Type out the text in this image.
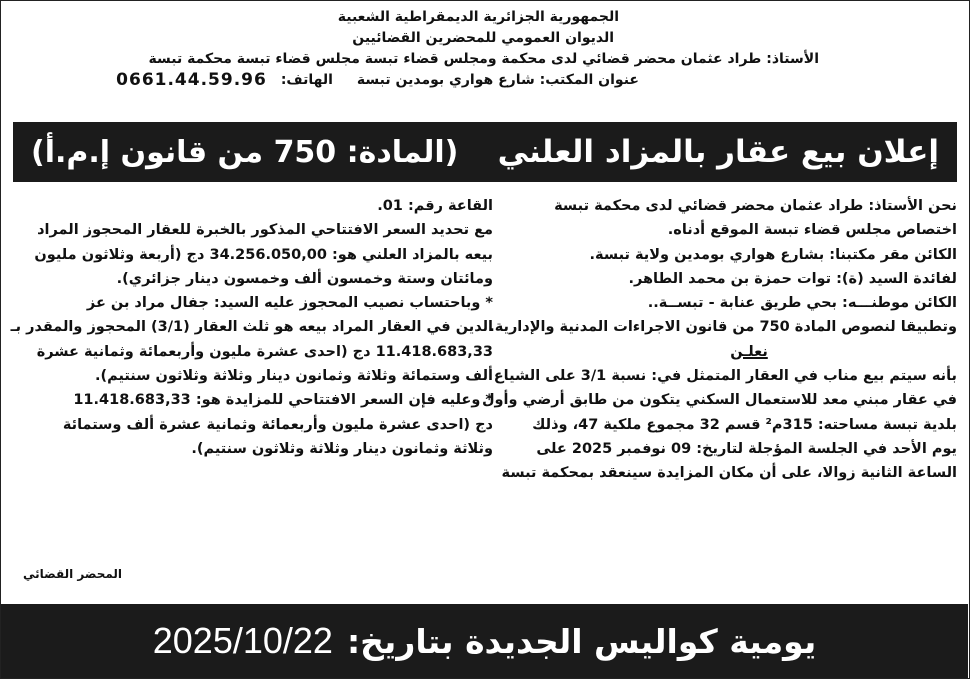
الجمهورية الجزائرية الديمقراطية الشعبية
الديوان العمومي للمحضرين القضائيين
الأستاذ: طراد عثمان محضر قضائي لدى محكمة ومجلس قضاء تبسة مجلس قضاء تبسة محكمة تبسة
عنوان المكتب: شارع هواري بومدين تبسة
الهاتف:
0661.44.59.96
إعلان بيع عقار بالمزاد العلني
(المادة: 750 من قانون إ.م.أ)
نحن الأستاذ: طراد عثمان محضر قضائي لدى محكمة تبسة
اختصاص مجلس قضاء تبسة الموقع أدناه.
الكائن مقر مكتبنا: بشارع هواري بومدين ولاية تبسة.
لفائدة السيد (ة): توات حمزة بن محمد الطاهر.
الكائن موطنـــه: بحي طريق عنابة - تبســة..
وتطبيقا لنصوص المادة 750 من قانون الاجراءات المدنية والإدارية.
نعلـن
بأنه سيتم بيع مناب في العقار المتمثل في: نسبة 3/1 على الشياع
في عقار مبني معد للاستعمال السكني يتكون من طابق أرضي وأول
بلدية تبسة مساحته: 315م² قسم 32 مجموع ملكية 47، وذلك
يوم الأحد في الجلسة المؤجلة لتاريخ: 09 نوفمبر 2025 على
الساعة الثانية زوالا، على أن مكان المزايدة سينعقد بمحكمة تبسة
القاعة رقم: 01.
مع تحديد السعر الافتتاحي المذكور بالخبرة للعقار المحجوز المراد
بيعه بالمزاد العلني هو: 34.256.050,00 دج (أربعة وثلاثون مليون
ومائتان وستة وخمسون ألف وخمسون دينار جزائري).
* وباحتساب نصيب المحجوز عليه السيد: جفال مراد بن عز
الدين في العقار المراد بيعه هو ثلث العقار (3/1) المحجوز والمقدر بـ
11.418.683,33 دج (احدى عشرة مليون وأربعمائة وثمانية عشرة
ألف وستمائة وثلاثة وثمانون دينار وثلاثة وثلاثون سنتيم).
* وعليه فإن السعر الافتتاحي للمزايدة هو: 11.418.683,33
دج (احدى عشرة مليون وأربعمائة وثمانية عشرة ألف وستمائة
وثلاثة وثمانون دينار وثلاثة وثلاثون سنتيم).
المحضر القضائي
يومية كواليس الجديدة بتاريخ:
2025/10/22
